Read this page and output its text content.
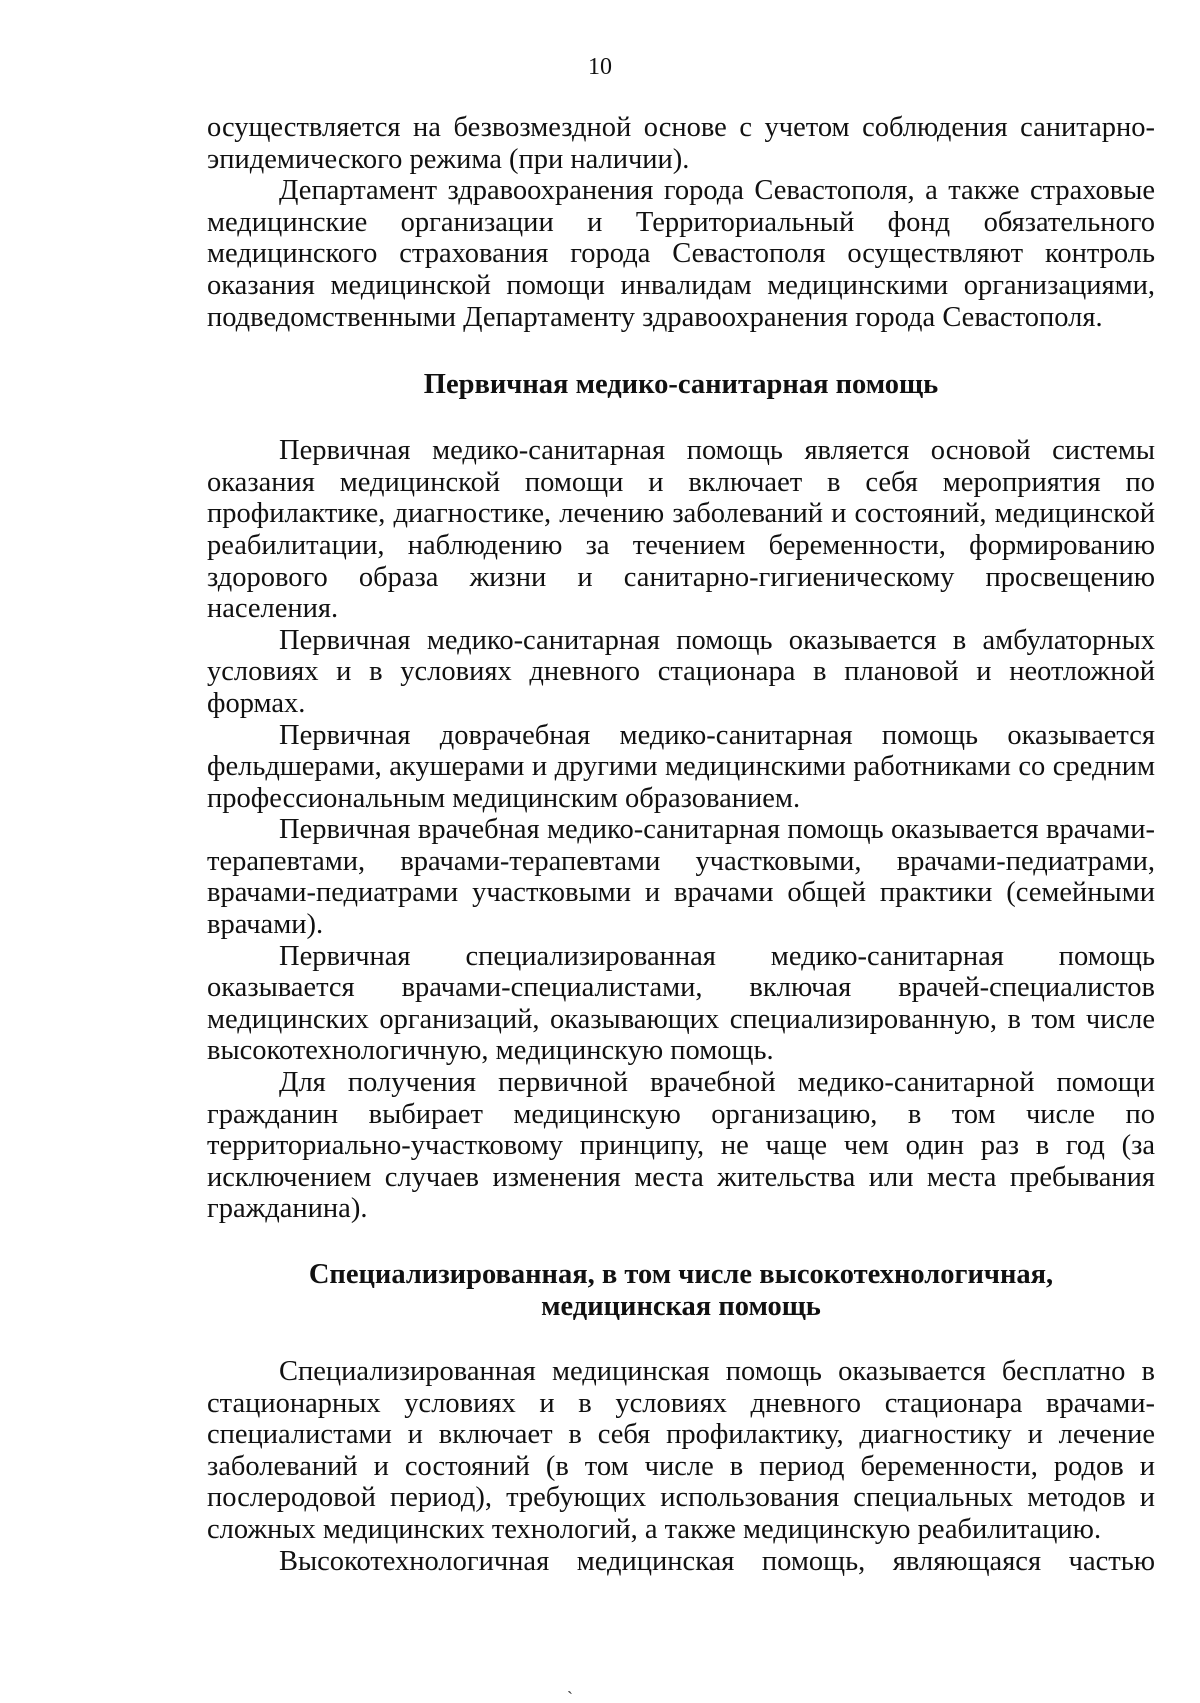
10

осуществляется на безвозмездной основе с учетом соблюдения санитарно-эпидемического режима (при наличии).

Департамент здравоохранения города Севастополя, а также страховые медицинские организации и Территориальный фонд обязательного медицинского страхования города Севастополя осуществляют контроль оказания медицинской помощи инвалидам медицинскими организациями, подведомственными Департаменту здравоохранения города Севастополя.

Первичная медико-санитарная помощь

Первичная медико-санитарная помощь является основой системы оказания медицинской помощи и включает в себя мероприятия по профилактике, диагностике, лечению заболеваний и состояний, медицинской реабилитации, наблюдению за течением беременности, формированию здорового образа жизни и санитарно-гигиеническому просвещению населения.

Первичная медико-санитарная помощь оказывается в амбулаторных условиях и в условиях дневного стационара в плановой и неотложной формах.

Первичная доврачебная медико-санитарная помощь оказывается фельдшерами, акушерами и другими медицинскими работниками со средним профессиональным медицинским образованием.

Первичная врачебная медико-санитарная помощь оказывается врачами-терапевтами, врачами-терапевтами участковыми, врачами-педиатрами, врачами-педиатрами участковыми и врачами общей практики (семейными врачами).

Первичная специализированная медико-санитарная помощь оказывается врачами-специалистами, включая врачей-специалистов медицинских организаций, оказывающих специализированную, в том числе высокотехнологичную, медицинскую помощь.

Для получения первичной врачебной медико-санитарной помощи гражданин выбирает медицинскую организацию, в том числе по территориально-участковому принципу, не чаще чем один раз в год (за исключением случаев изменения места жительства или места пребывания гражданина).

Специализированная, в том числе высокотехнологичная,
медицинская помощь

Специализированная медицинская помощь оказывается бесплатно в стационарных условиях и в условиях дневного стационара врачами-специалистами и включает в себя профилактику, диагностику и лечение заболеваний и состояний (в том числе в период беременности, родов и послеродовой период), требующих использования специальных методов и сложных медицинских технологий, а также медицинскую реабилитацию.

Высокотехнологичная медицинская помощь, являющаяся частью

ˏ
